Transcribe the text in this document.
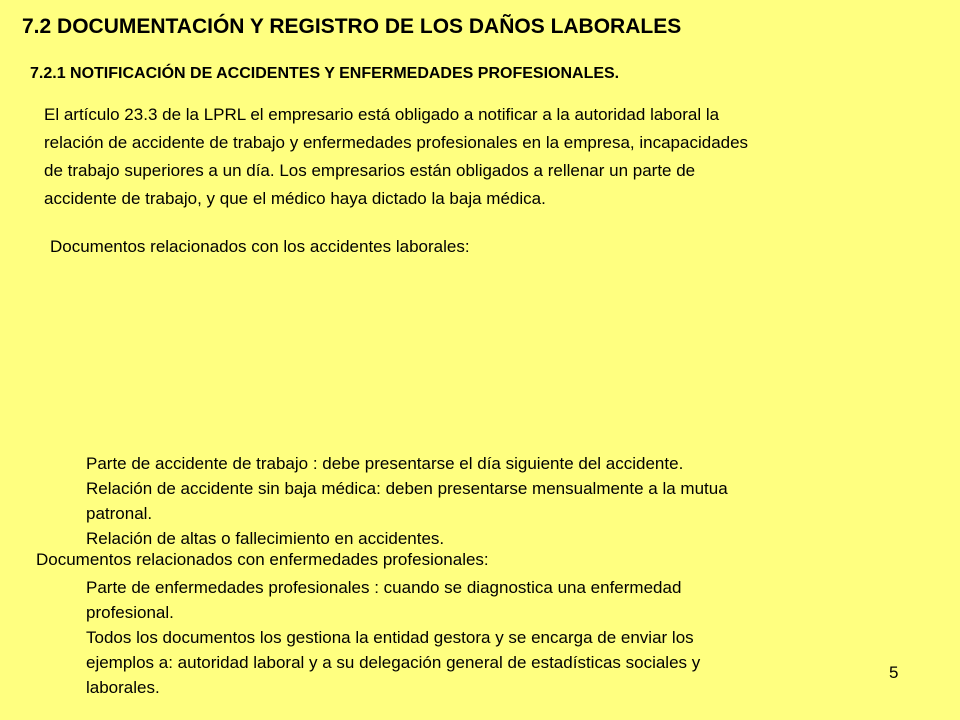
7.2 DOCUMENTACIÓN Y REGISTRO DE LOS DAÑOS LABORALES
7.2.1 NOTIFICACIÓN DE ACCIDENTES Y ENFERMEDADES PROFESIONALES.
El artículo 23.3 de la LPRL el empresario está obligado a notificar a la autoridad laboral la
relación de accidente de trabajo y enfermedades profesionales en la empresa, incapacidades
de trabajo superiores a un día. Los empresarios están obligados a rellenar un parte de
accidente de trabajo, y que el médico haya dictado la baja médica.
Documentos relacionados con los accidentes laborales:
Parte de accidente de trabajo : debe presentarse el día siguiente del accidente.
Relación de accidente sin baja médica: deben presentarse mensualmente a la mutua
patronal.
Relación de altas o fallecimiento en accidentes.
Documentos relacionados con enfermedades profesionales:
Parte de enfermedades profesionales : cuando se diagnostica una enfermedad
profesional.
Todos los documentos los gestiona la entidad gestora y se encarga de enviar los
ejemplos a: autoridad laboral y a su delegación general de estadísticas sociales y
laborales.
5
